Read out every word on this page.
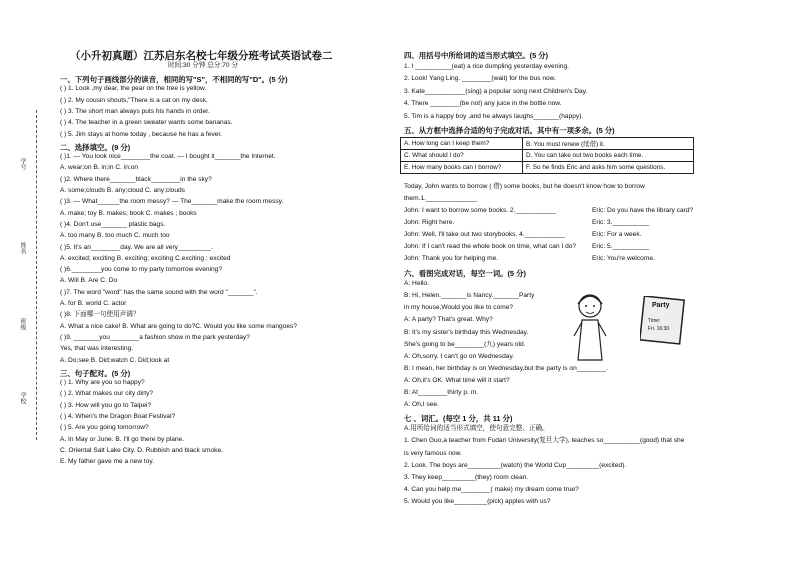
（小升初真题）江苏启东名校七年级分班考试英语试卷二
时间:30 分钟 总分:70 分
学号
姓名
班级
学校
一、下列句子画线部分的读音，相同的写"S"，不相同的写"D"。(5 分)
( ) 1. Look ,my dear, the pear on the tree is yellow.
( ) 2. My cousin shouts,"There is a cat on my desk.
( ) 3. The short man always puts his hands in order.
( ) 4. The teacher in a green sweater wants some bananas.
( ) 5. Jim stays at home today , because he has a fever.
二、选择填空。(9 分)
( )1. — You look nice________the coat. — I bought it_______the Internet.
A. wear;on B. in;in C. in;on
( )2. Where there_______black________in the sky?
A. some;clouds B. any;cloud C. any;clouds
( )3. — What______the room messy? — The_______make the room messy.
A. make; toy B. makes; book C. makes ; books
( )4. Don't use_______ plastic bags.
A. too many B. too much C. much too
( )5. It's an________day. We are all very_________.
A. excited; exciting B. exciting; exciting C.exciting ; excited
( )6.________you come to my party tomorrow evening?
A. Will B. Are C. Do
( )7. The word "word" has the same sound with the word "_______".
A. for B. world C. actor
( )8. 下面哪一句使用声调？
A. What a nice cake! B. What are going to do?C. Would you like some mangoes?
( )9. _______you________a fashion show in the park yesterday?
Yes, that was interesting.
A. Do;see B. Did;watch C. Did;look at
三、句子配对。(5 分)
( ) 1. Why are you so happy?
( ) 2. What makes our city dirty?
( ) 3. How will you go to Taipei?
( ) 4. When's the Dragon Boat Festival?
( ) 5. Are you going tomorrow?
A. In May or June. B. I'll go there by plane.
C. Oriental Salt Lake City. D. Rubbish and black smoke.
E. My father gave me a new toy.
四、用括号中所给词的适当形式填空。(5 分)
1. I __________(eat) a rice dumpling yesterday evening.
2. Look! Yang Ling. ________(wait) for the bus now.
3. Kate___________(sing) a popular song next Children's Day.
4. There ________(be not) any juice in the bottle now.
5. Tim is a happy boy ,and he always laughs_______(happy).
五、从方框中选择合适的句子完成对话。其中有一项多余。(5 分)
A. How long can I keep them?	B. You must renew (续借) it.
C. What should I do?	D. You can take out two books each time.
E. How many books can I borrow?	F. So he finds Eric and asks him some questions.
Today, John wants to borrow ( 借) some books, but he doesn't know how to borrow
them.1.______________
John: I want to borrow some books. 2.___________
John: Right here.
John: Well, I'll take out two storybooks. 4.___________
John: If I can't read the whole book on time, what can I do?
John: Thank you for helping me.
Eric: Do you have the library card?
Eric: 3.__________
Eric: For a week.
Eric: 5.__________
Eric: You're welcome.
六、看图完成对话，每空一词。(5 分)
A: Hello.
B: Hi, Helen._______is Nancy._______Party
in my house,Would you like to come?
A: A party? That's great. Why?
B: It's my sister's birthday this Wednesday.
She's going to be________(九) years old.
A: Oh,sorry. I can't go on Wednesday.
B: I mean, her birthday is on Wednesday,but the party is on________.
A: Oh,it's OK. What time will it start?
B: At________thirty p. m.
A: Oh,I see.
七 、词汇。(每空 1 分，共 11 分)
A.用所给词的适当形式填空，使句意完整、正确。
1. Chen Guo,a teacher from Fudan University(复旦大学), teaches so__________(good) that she
is very famous now.
2. Look. The boys are_________(watch) the World Cup_________(excited).
3. They keep_________(they) room clean.
4. Can you help me________( make) my dream come true?
5. Would you like_________(pick) apples with us?
Party
Time:
Fri. 16:30
